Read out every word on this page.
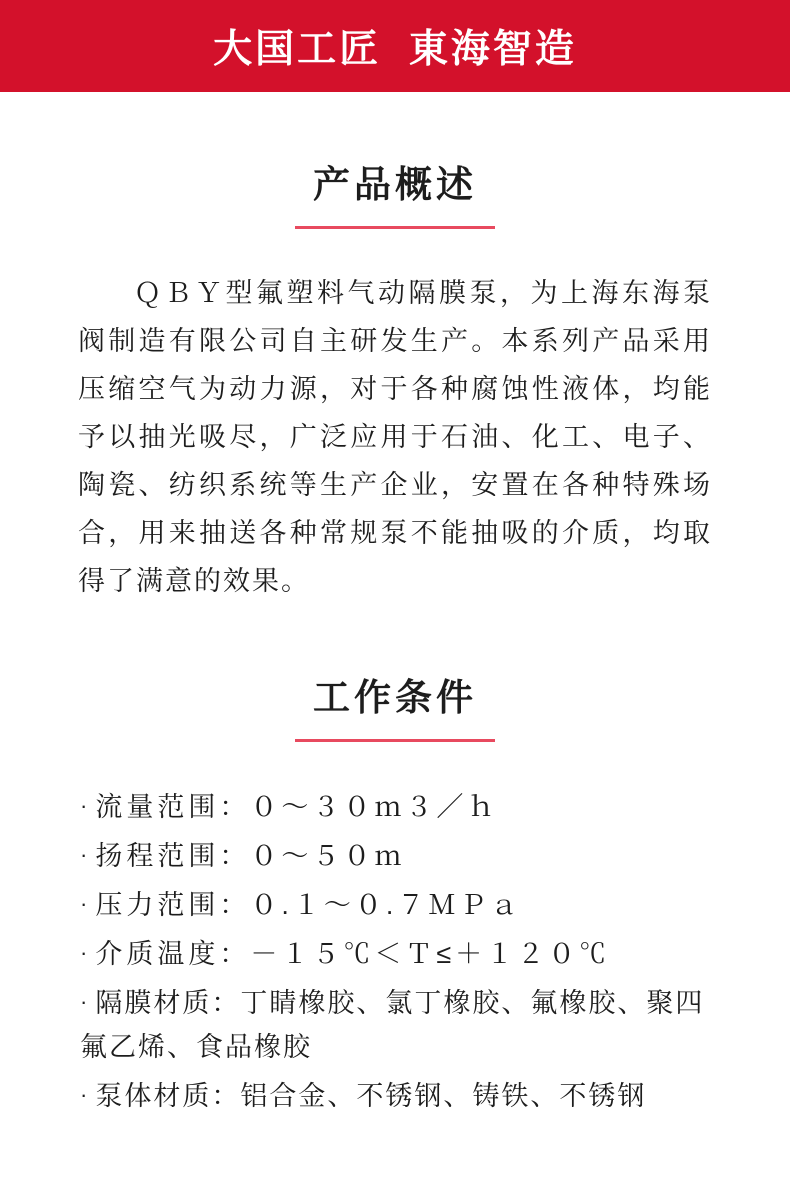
大国工匠  東海智造
产品概述

ＱＢＹ型氟塑料气动隔膜泵，为上海东海泵阀制造有限公司自主研发生产。本系列产品采用压缩空气为动力源，对于各种腐蚀性液体，均能予以抽光吸尽，广泛应用于石油、化工、电子、陶瓷、纺织系统等生产企业，安置在各种特殊场合，用来抽送各种常规泵不能抽吸的介质，均取得了满意的效果。

工作条件
· 流量范围：０～３０ｍ３／ｈ
· 扬程范围：０～５０ｍ
· 压力范围：０.１～０.７ＭＰａ
· 介质温度：－１５℃＜Ｔ≤＋１２０℃
· 隔膜材质：丁睛橡胶、氯丁橡胶、氟橡胶、聚四氟乙烯、食品橡胶
· 泵体材质：铝合金、不锈钢、铸铁、不锈钢
